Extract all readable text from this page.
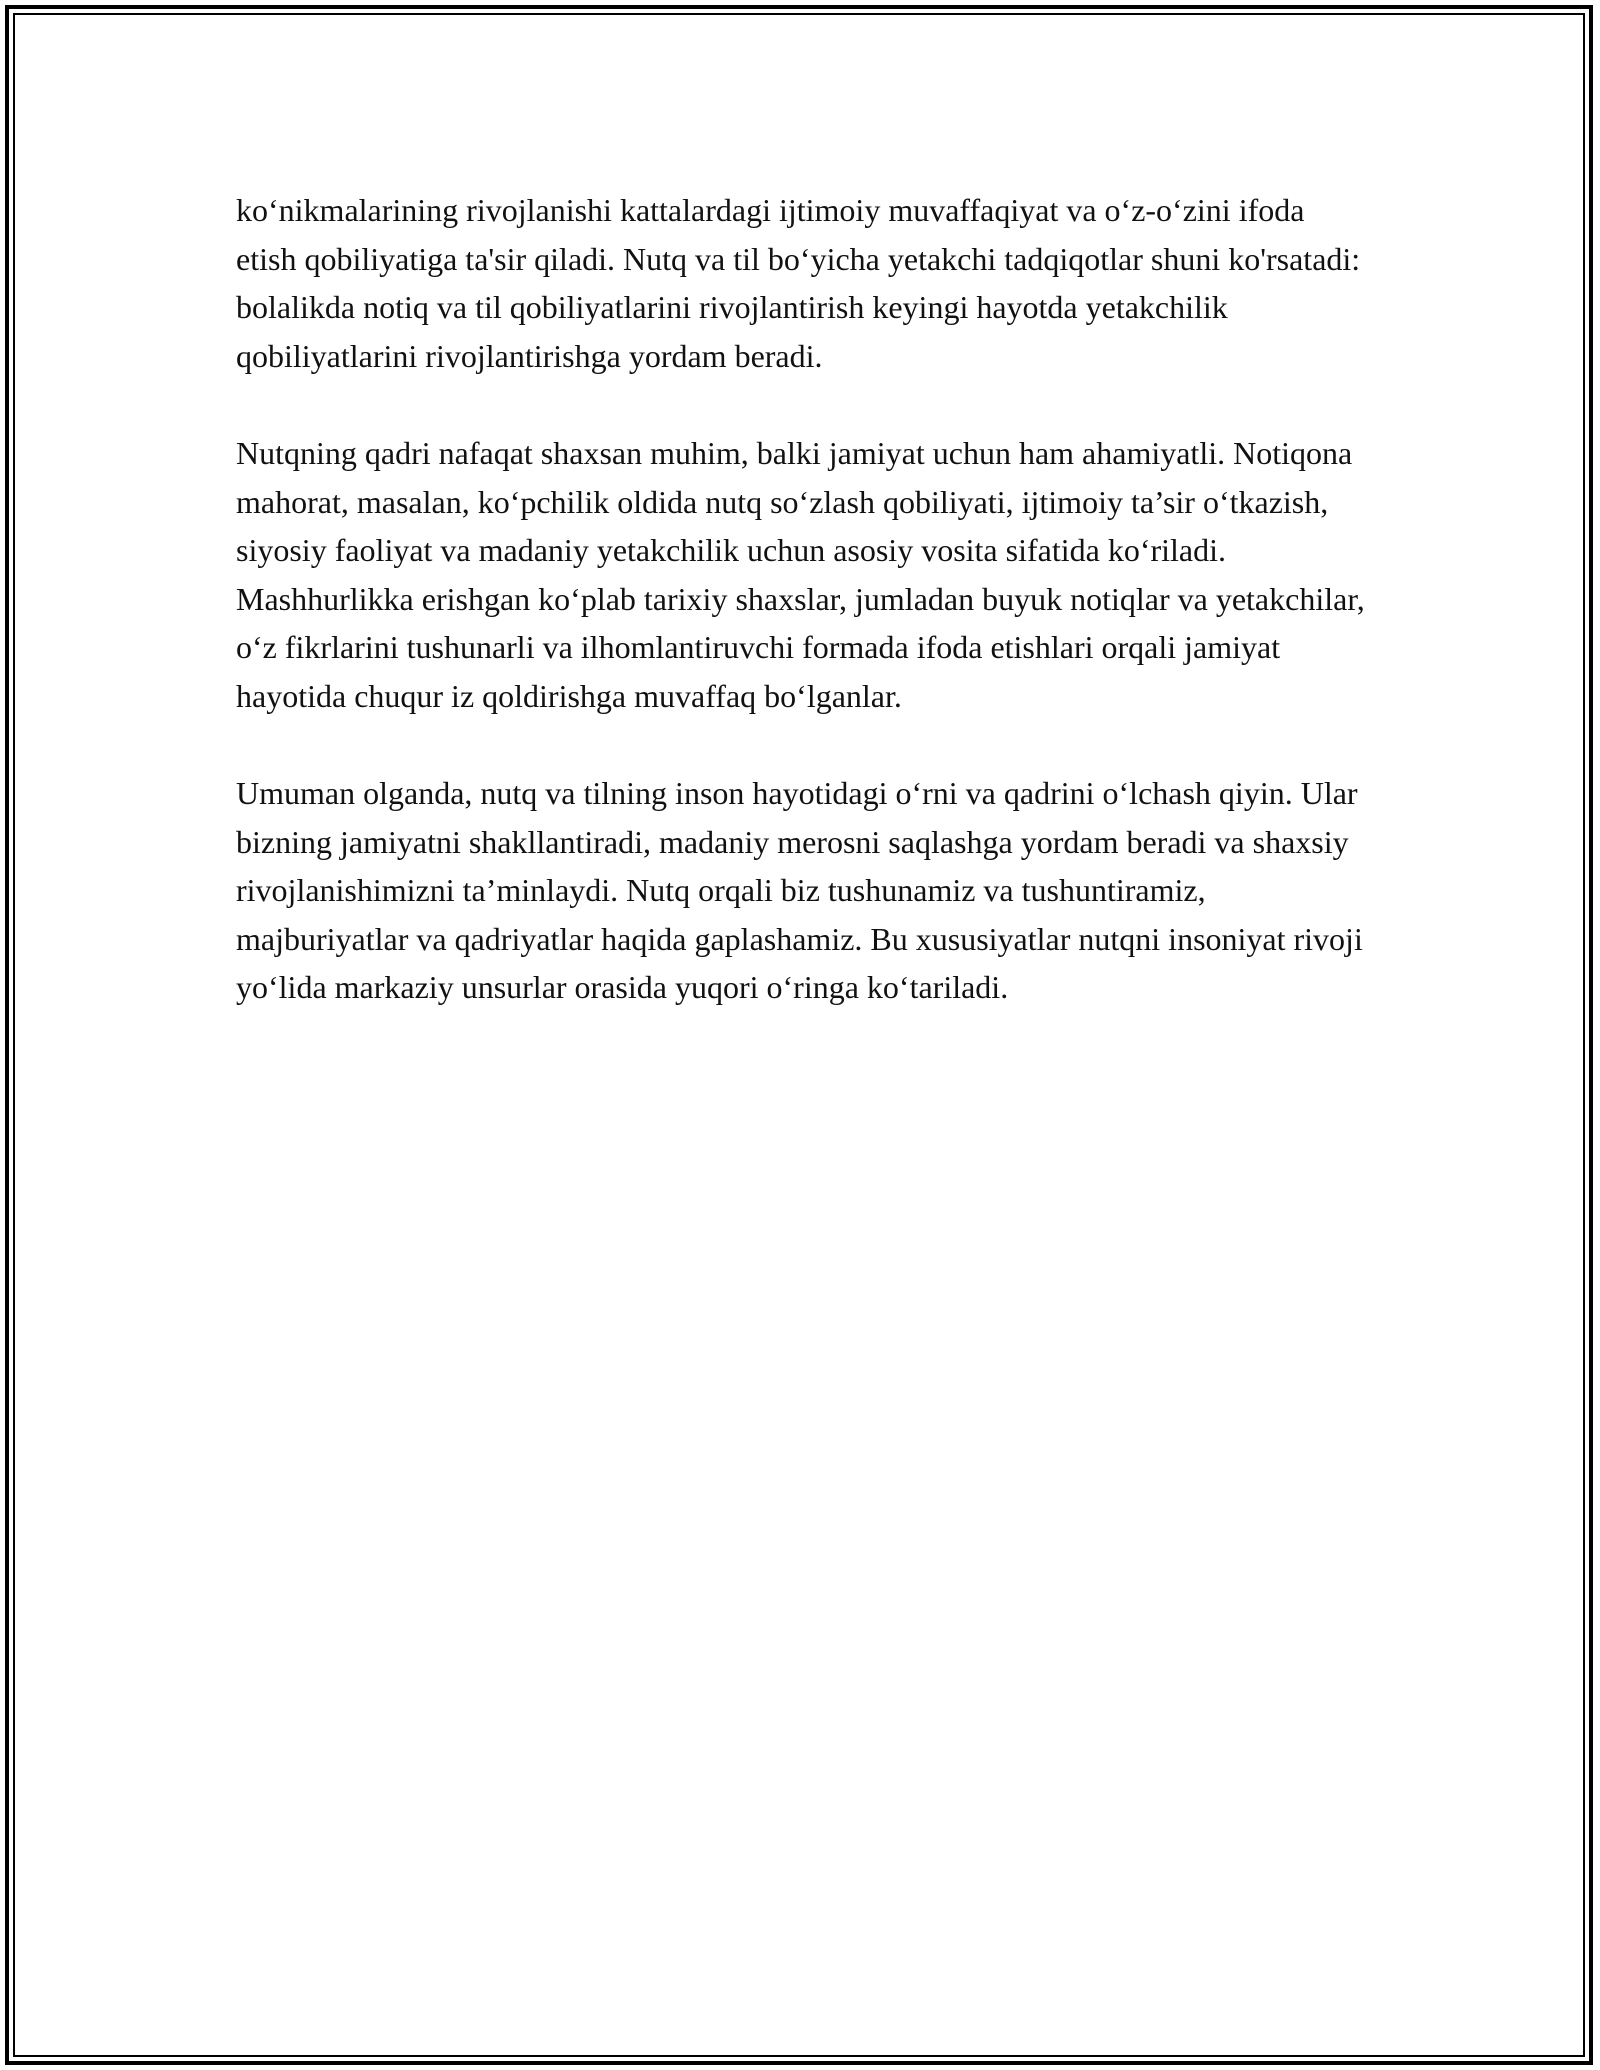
ko‘nikmalarining rivojlanishi kattalardagi ijtimoiy muvaffaqiyat va o‘z-o‘zini ifoda etish qobiliyatiga ta'sir qiladi. Nutq va til bo‘yicha yetakchi tadqiqotlar shuni ko'rsatadi: bolalikda notiq va til qobiliyatlarini rivojlantirish keyingi hayotda yetakchilik qobiliyatlarini rivojlantirishga yordam beradi.

Nutqning qadri nafaqat shaxsan muhim, balki jamiyat uchun ham ahamiyatli. Notiqona mahorat, masalan, ko‘pchilik oldida nutq so‘zlash qobiliyati, ijtimoiy ta’sir o‘tkazish, siyosiy faoliyat va madaniy yetakchilik uchun asosiy vosita sifatida ko‘riladi. Mashhurlikka erishgan ko‘plab tarixiy shaxslar, jumladan buyuk notiqlar va yetakchilar, o‘z fikrlarini tushunarli va ilhomlantiruvchi formada ifoda etishlari orqali jamiyat hayotida chuqur iz qoldirishga muvaffaq bo‘lganlar.

Umuman olganda, nutq va tilning inson hayotidagi o‘rni va qadrini o‘lchash qiyin. Ular bizning jamiyatni shakllantiradi, madaniy merosni saqlashga yordam beradi va shaxsiy rivojlanishimizni ta’minlaydi. Nutq orqali biz tushunamiz va tushuntiramiz, majburiyatlar va qadriyatlar haqida gaplashamiz. Bu xususiyatlar nutqni insoniyat rivoji yo‘lida markaziy unsurlar orasida yuqori o‘ringa ko‘tariladi.
